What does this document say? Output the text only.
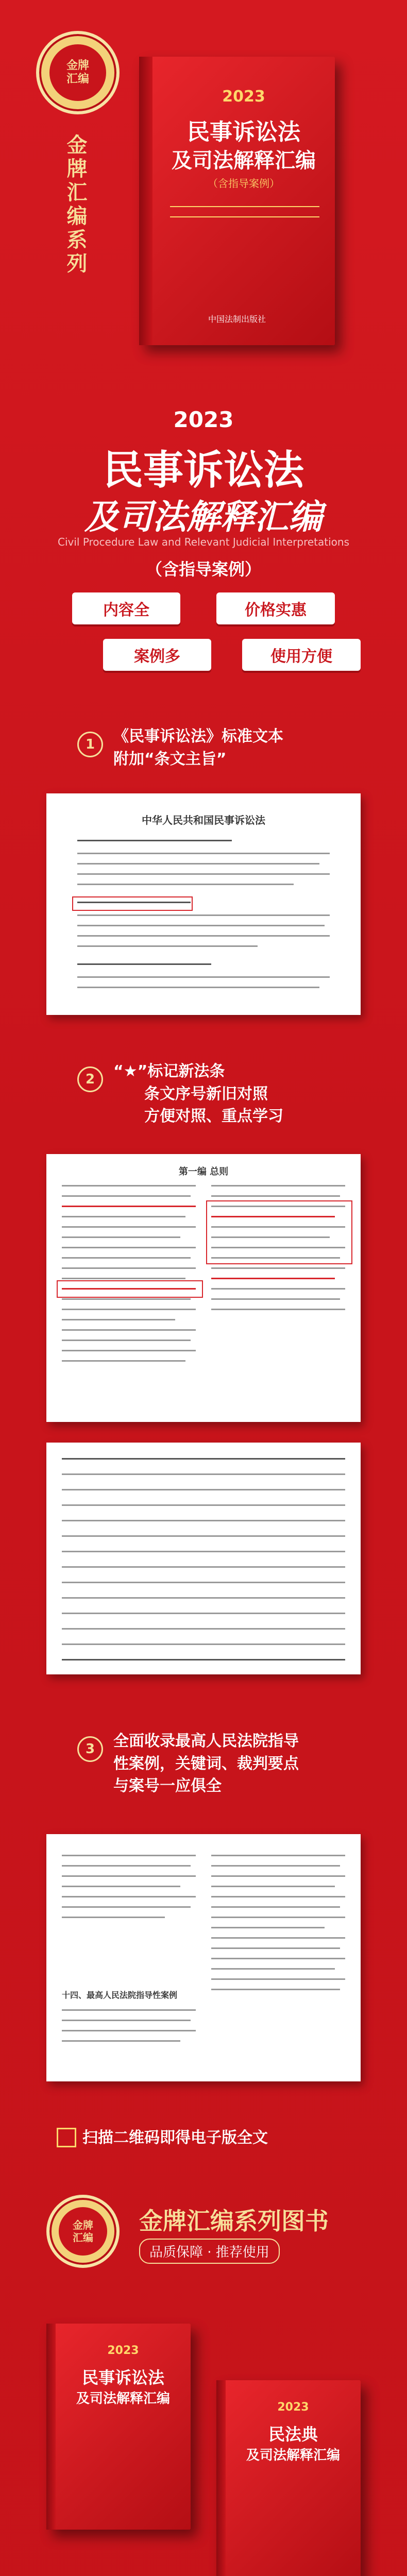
金牌
汇编
金牌汇编系列
2023
民事诉讼法
及司法解释汇编
（含指导案例）
中国法制出版社
2023
民事诉讼法
及司法解释汇编
Civil Procedure Law and Relevant Judicial Interpretations
（含指导案例）
内容全	价格实惠
案例多	使用方便
1	《民事诉讼法》标准文本
附加“条文主旨”
中华人民共和国民事诉讼法
2	“★”标记新法条
条文序号新旧对照
方便对照、重点学习
第一编 总则
3	全面收录最高人民法院指导
性案例，关键词、裁判要点
与案号一应俱全
十四、最高人民法院指导性案例
扫描二维码即得电子版全文
金牌
汇编
金牌汇编系列图书
品质保障 · 推荐使用
2023
民事诉讼法
及司法解释汇编
2023
民法典
及司法解释汇编
